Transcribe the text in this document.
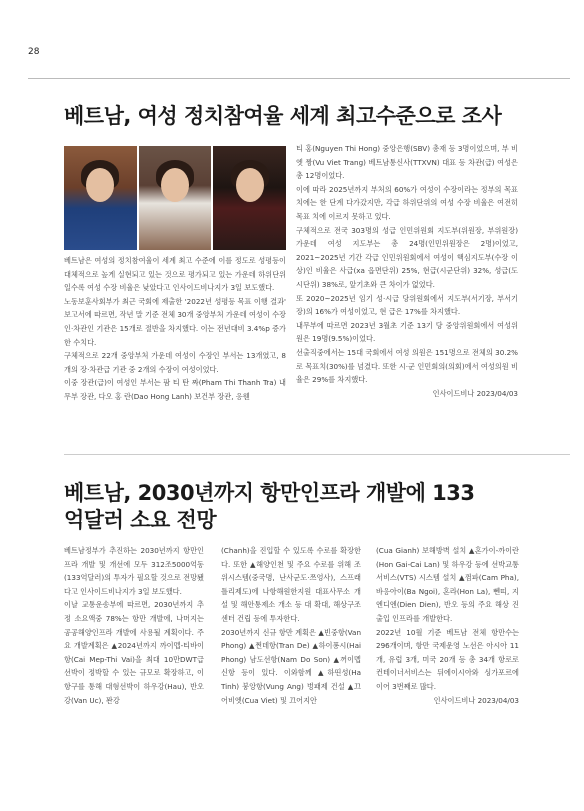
28
베트남, 여성 정치참여율 세계 최고수준으로 조사

베트남은 여성의 정치참여율이 세계 최고 수준에 이를 정도로 성평등이 대체적으로 높게 실현되고 있는 것으로 평가되고 있는 가운데 하위단위일수록 여성 수장 비율은 낮았다고 인사이드비나지가 3일 보도했다.

노동보훈사회부가 최근 국회에 제출한 '2022년 성평등 목표 이행 결과' 보고서에 따르면, 작년 말 기준 전체 30개 중앙부처 가운데 여성이 수장인·차관인 기관은 15개로 절반을 차지했다. 이는 전년대비 3.4%p 증가한 수치다.

구체적으로 22개 중앙부처 가운데 여성이 수장인 부서는 13개였고, 8개의 장·차관급 기관 중 2개의 수장이 여성이었다.

이중 장관(급)이 여성인 부서는 팜 티 탄 짜(Pham Thi Thanh Tra) 내무부 장관, 다오 홍 란(Dao Hong Lanh) 보건부 장관, 응웬

티 홍(Nguyen Thi Hong) 중앙은행(SBV) 총재 등 3명이었으며, 부 비엣 짱(Vu Viet Trang) 베트남통신사(TTXVN) 대표 등 차관(급) 여성은 총 12명이었다.

이에 따라 2025년까지 부처의 60%가 여성이 수장이라는 정부의 목표 치에는 한 단계 다가갔지만, 각급 하위단위의 여성 수장 비율은 여전히 목표 치에 이르지 못하고 있다.

구체적으로 전국 303명의 성급 인민위원회 지도부(위원장, 부위원장) 가운데 여성 지도부는 총 24명(인민위원장은 2명)이었고, 2021~2025년 기간 각급 인민위원회에서 여성이 핵심지도부(수장 이상)인 비율은 사급(xa 읍면단위) 25%, 현급(시군단위) 32%, 성급(도시단위) 38%로, 앞기초와 큰 차이가 없었다.

또 2020~2025년 임기 성·시급 당위원회에서 지도부(서기장, 부서기장)의 16%가 여성이었고, 현 급은 17%를 차지했다.

내무부에 따르면 2023년 3월초 기준 13기 당 중앙위원회에서 여성위원은 19명(9.5%)이었다.

선출직중에서는 15대 국회에서 여성 의원은 151명으로 전체의 30.2%로 목표치(30%)를 넘겼다. 또한 시·군 인민회의(의회)에서 여성의원 비율은 29%를 차지했다.

인사이드비나 2023/04/03
베트남, 2030년까지 항만인프라 개발에 133억달러 소요 전망

베트남정부가 추진하는 2030년까지 항만인프라 개발 및 개선에 모두 312조5000억동(133억달러)의 투자가 필요할 것으로 전망됐다고 인사이드비나지가 3일 보도했다.

이날 교통운송부에 따르면, 2030년까지 추정 소요액중 78%는 항만 개발에, 나머지는 공공해양인프라 개발에 사용될 계획이다. 주요 개발계획은 ▲2024년까지 까이멥-티바이항(Cai Mep-Thi Vai)을 최대 10만DWT급 선박이 정박할 수 있는 규모로 확장하고, 이 항구를 통해 대형선박이 하우강(Hau), 반오강(Van Uc), 꽌강

(Chanh)을 진입할 수 있도록 수로를 확장한다. 또한 ▲해양인천 및 주요 수로를 위해 조위시스템(중국명, 난사군도·쯔엉사), 스프래틀리제도)에 나항해원한지원 대표사무소 개설 및 해안통제소 개소 등 대 확대, 해상구조센터 건립 등에 투자한다.

2030년까지 신규 항만 계획은 ▲빈중항(Van Phong) ▲쩐데항(Tran De) ▲하이퐁시(Hai Phong) 남도선항(Nam Do Son) ▲꺼이멥 신항 등이 있다. 이와함께 ▲하띤성(Ha Tinh) 붕앙항(Vung Ang) 벙패제 건설 ▲끄어비엣(Cua Viet) 및 끄어지안

(Cua Gianh) 보해방벽 설치 ▲혼가이-까이란(Hon Gai-Cai Lan) 및 하우강 등에 선박교통서비스(VTS) 시스템 설치 ▲껌파(Cam Pha), 바응아이(Ba Ngoi), 혼라(Hon La), 뻰띠, 지엔디엔(Dien Dien), 반오 등의 주요 해상 진출입 인프라를 개발한다.

2022년 10월 기준 베트남 전체 항만수는 296개이며, 항만 국제운영 노선은 아시아 11개, 유럽 3개, 미국 20개 등 총 34개 항로로 컨테이너서비스는 뒤에이시아와 싱가포르에 이어 3번째로 많다.

인사이드비나 2023/04/03
